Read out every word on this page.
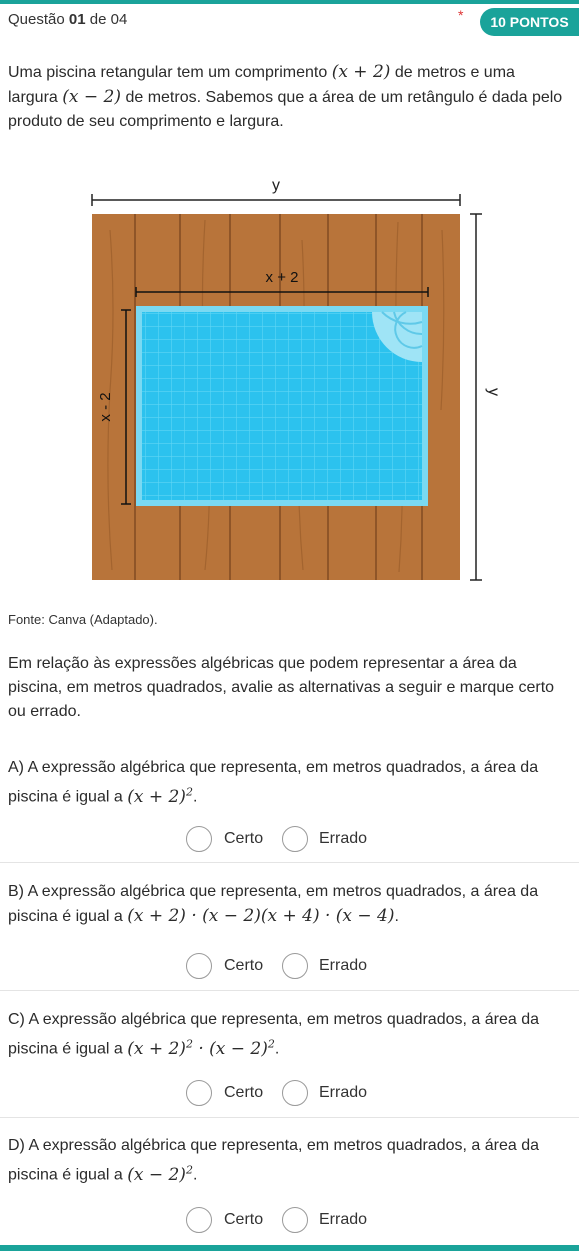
Questão 01 de 04	*	10 PONTOS
Uma piscina retangular tem um comprimento (x + 2) de metros e uma largura (x − 2) de metros. Sabemos que a área de um retângulo é dada pelo produto de seu comprimento e largura.
y
y
x + 2
x - 2
Fonte: Canva (Adaptado).
Em relação às expressões algébricas que podem representar a área da piscina, em metros quadrados, avalie as alternativas a seguir e marque certo ou errado.
A) A expressão algébrica que representa, em metros quadrados, a área da piscina é igual a $(x + 2)^2$.
Certo	Errado
B) A expressão algébrica que representa, em metros quadrados, a área da piscina é igual a (x + 2) · (x − 2)(x + 4) · (x − 4).
Certo	Errado
C) A expressão algébrica que representa, em metros quadrados, a área da piscina é igual a $(x + 2)^2 \cdot (x - 2)^2$.
Certo	Errado
D) A expressão algébrica que representa, em metros quadrados, a área da piscina é igual a $(x - 2)^2$.
Certo	Errado
